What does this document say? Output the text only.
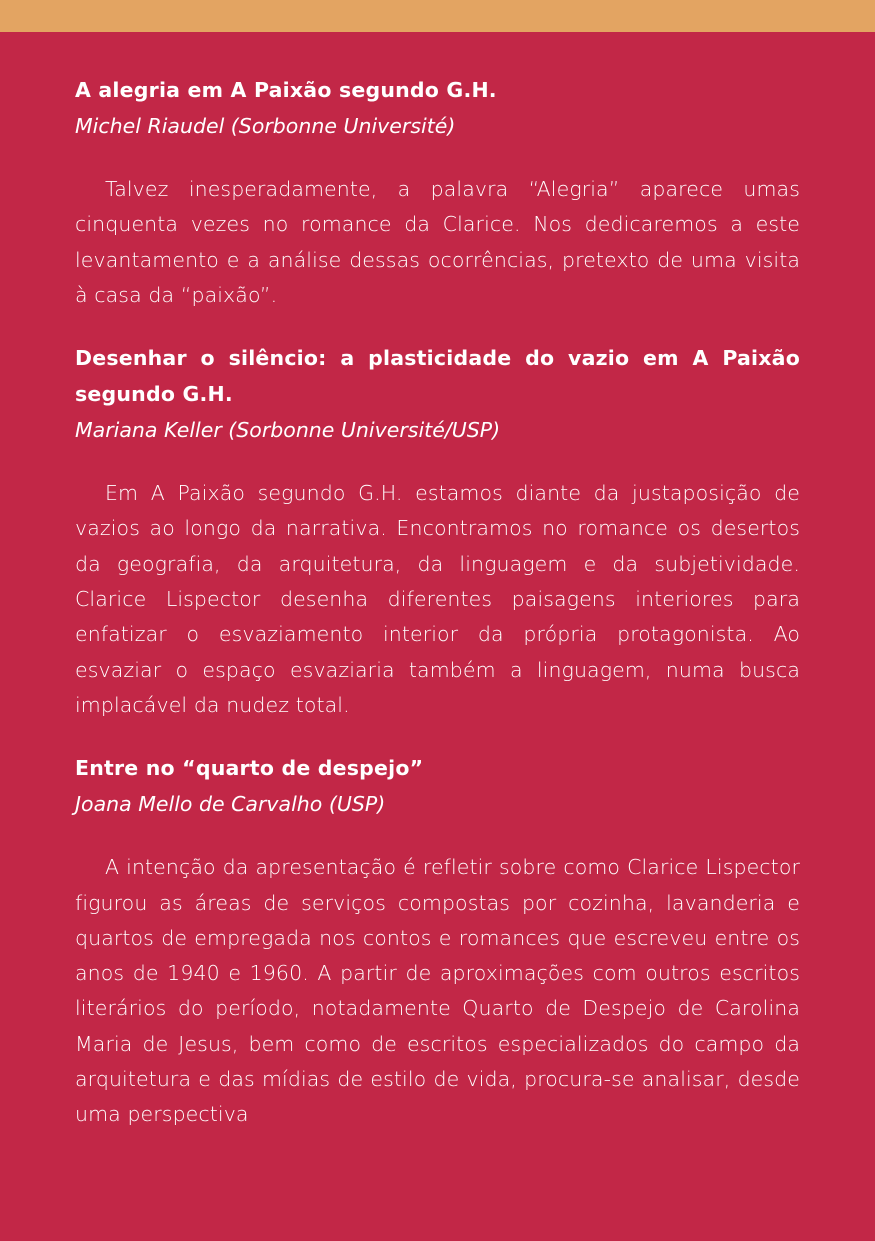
A alegria em A Paixão segundo G.H.

Michel Riaudel (Sorbonne Université)

Talvez inesperadamente, a palavra “Alegria” aparece umas cinquenta vezes no romance da Clarice. Nos dedicaremos a este levantamento e a análise dessas ocorrências, pretexto de uma visita à casa da “paixão”.

Desenhar o silêncio: a plasticidade do vazio em A Paixão segundo G.H.

Mariana Keller (Sorbonne Université/USP)

Em A Paixão segundo G.H. estamos diante da justaposição de vazios ao longo da narrativa. Encontramos no romance os desertos da geografia, da arquitetura, da linguagem e da subjetividade. Clarice Lispector desenha diferentes paisagens interiores para enfatizar o esvaziamento interior da própria protagonista. Ao esvaziar o espaço esvaziaria também a linguagem, numa busca implacável da nudez total.

Entre no “quarto de despejo”

Joana Mello de Carvalho (USP)

A intenção da apresentação é refletir sobre como Clarice Lispector figurou as áreas de serviços compostas por cozinha, lavanderia e quartos de empregada nos contos e romances que escreveu entre os anos de 1940 e 1960. A partir de aproximações com outros escritos literários do período, notadamente Quarto de Despejo de Carolina Maria de Jesus, bem como de escritos especializados do campo da arquitetura e das mídias de estilo de vida, procura-se analisar, desde uma perspectiva
